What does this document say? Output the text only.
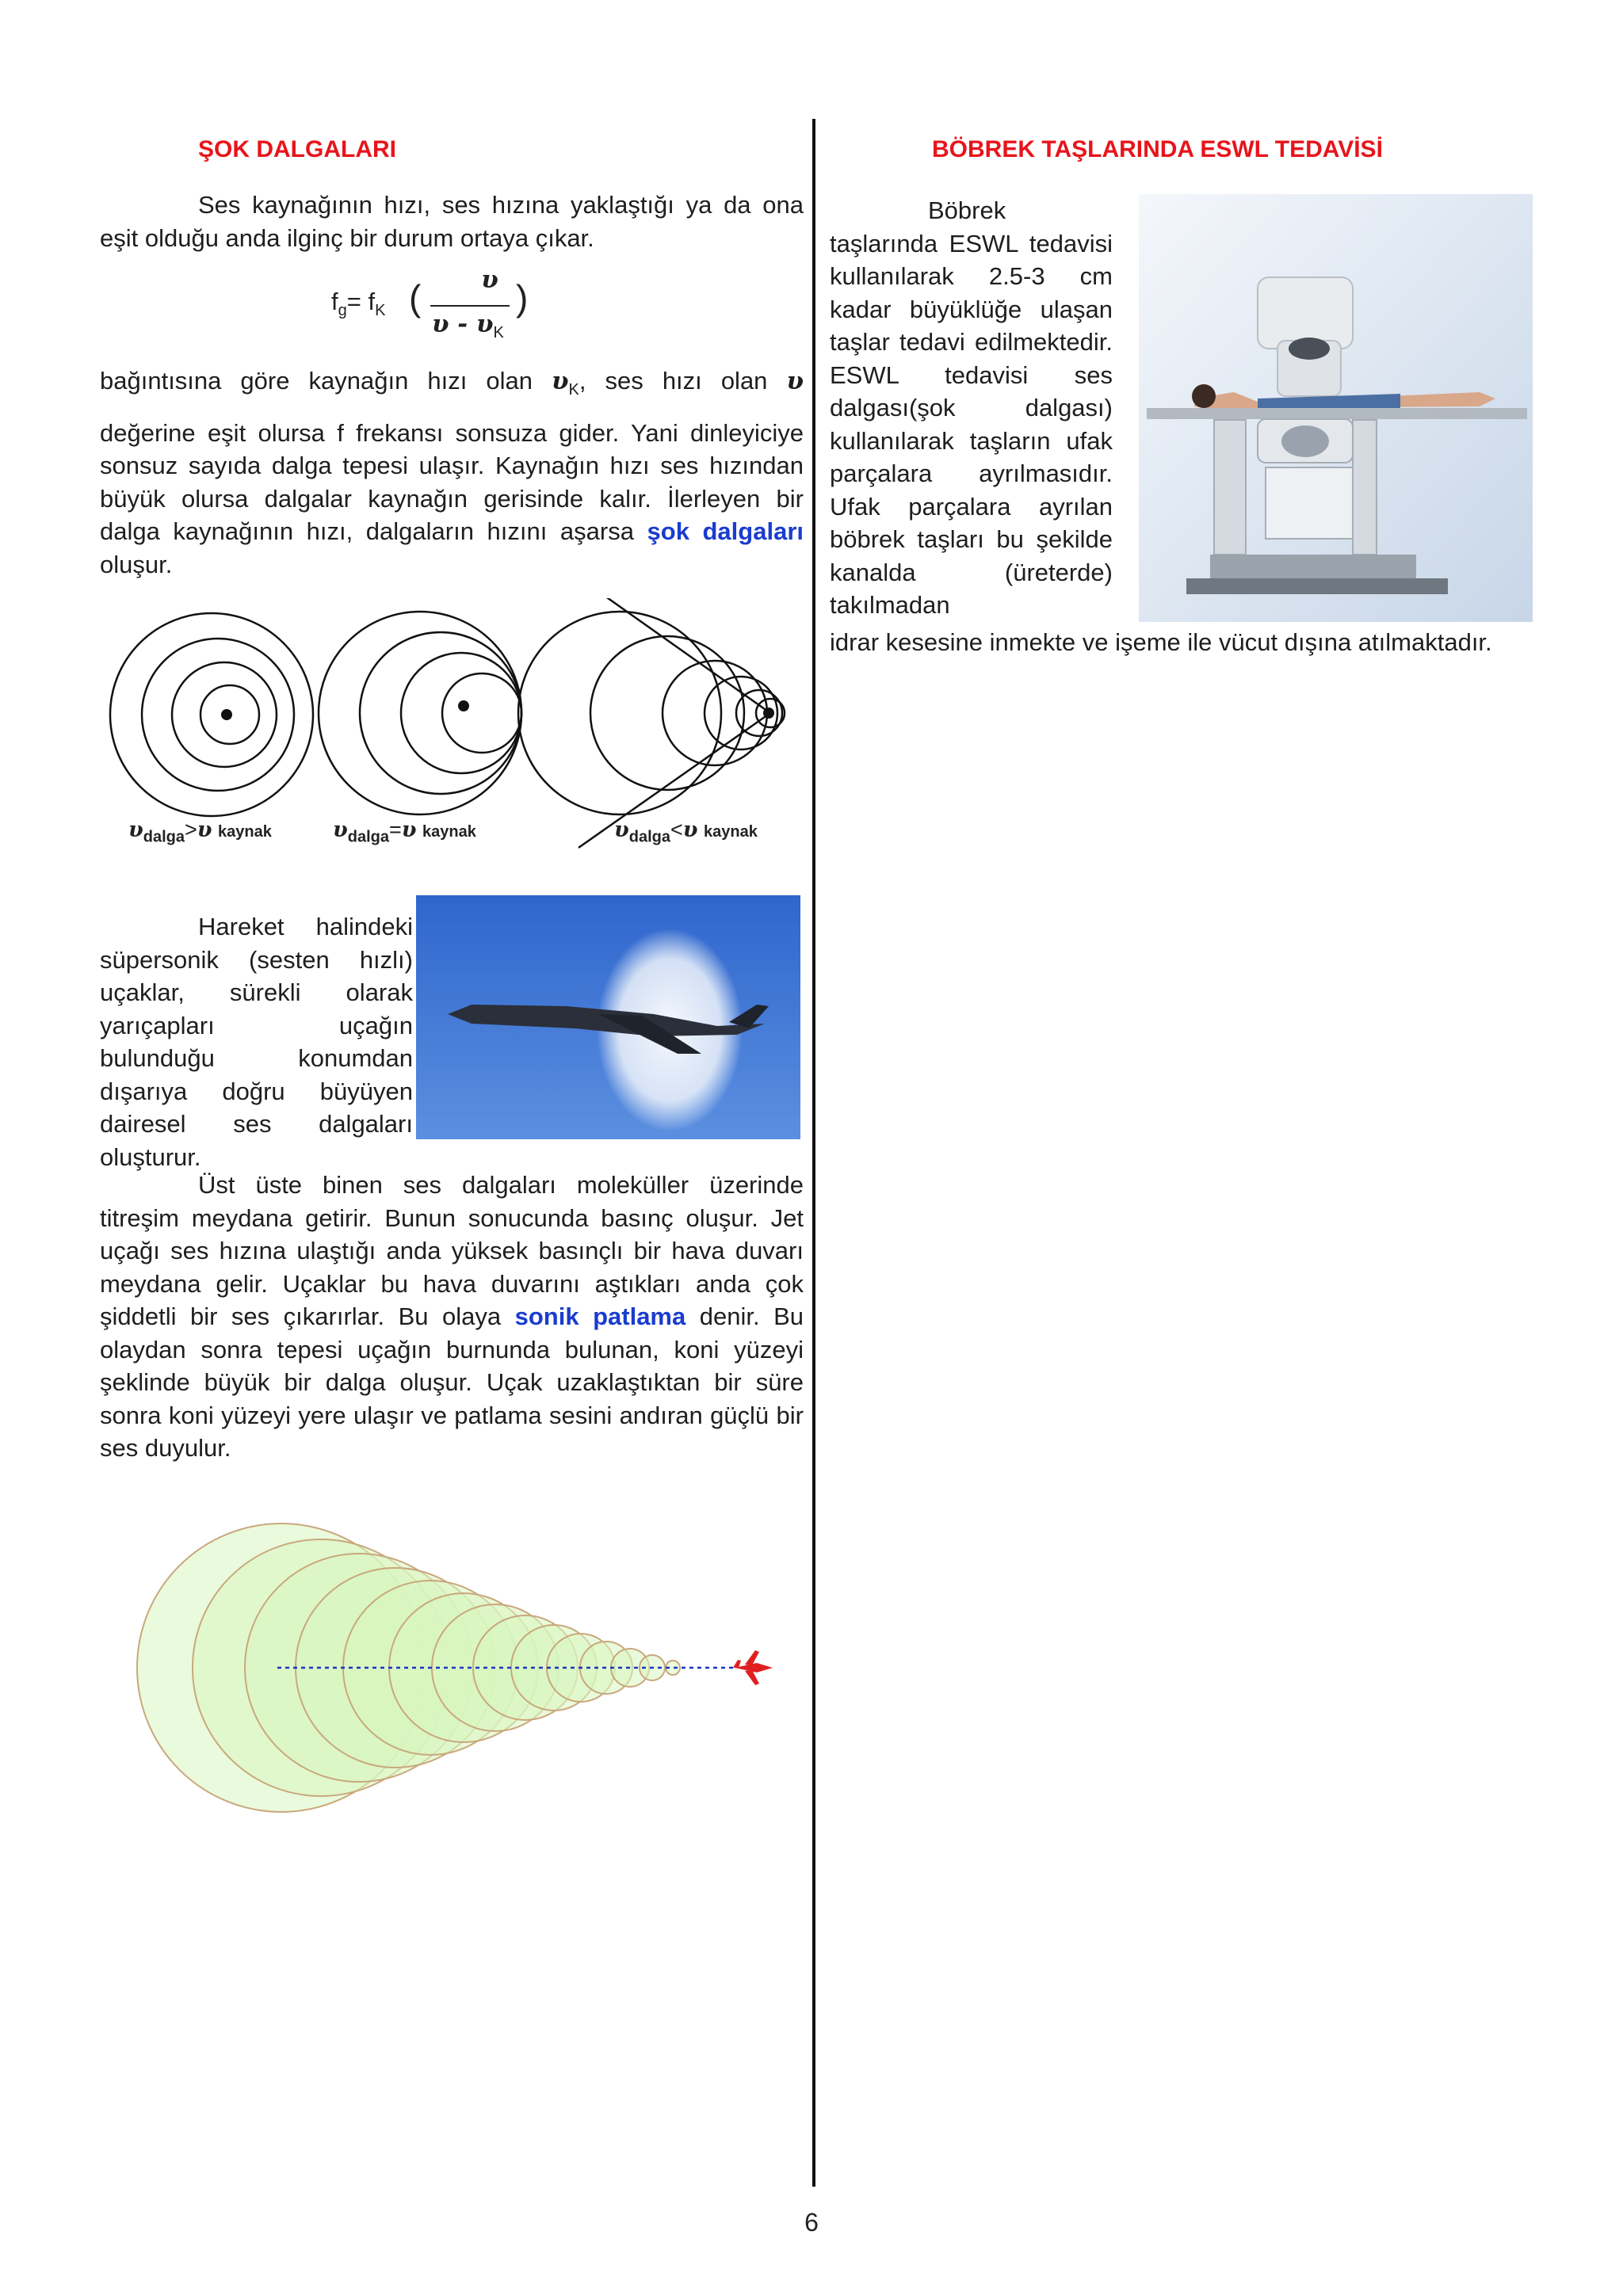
ŞOK DALGALARI

Ses kaynağının hızı, ses hızına yaklaştığı ya da ona eşit olduğu anda ilginç bir durum ortaya çıkar.

$f_g= f_K$ (	υ
υ - $\upsilon_K$
)

bağıntısına göre kaynağın hızı olan $\upsilon_K$, ses hızı olan υ

değerine eşit olursa f frekansı sonsuza gider. Yani dinleyiciye sonsuz sayıda dalga tepesi ulaşır. Kaynağın hızı ses hızından büyük olursa dalgalar kaynağın gerisinde kalır. İlerleyen bir dalga kaynağının hızı, dalgaların hızını aşarsa şok dalgaları oluşur.

$\upsilon_{dalga}>\upsilon$ kaynak	$\upsilon_{dalga}=\upsilon$ kaynak	$\upsilon_{dalga}<\upsilon$ kaynak

Hareket halindeki süpersonik (sesten hızlı) uçaklar, sürekli olarak yarıçapları uçağın bulunduğu konumdan dışarıya doğru büyüyen dairesel ses dalgaları oluşturur.

Üst üste binen ses dalgaları moleküller üzerinde titreşim meydana getirir. Bunun sonucunda basınç oluşur. Jet uçağı ses hızına ulaştığı anda yüksek basınçlı bir hava duvarı meydana gelir. Uçaklar bu hava duvarını aştıkları anda çok şiddetli bir ses çıkarırlar. Bu olaya sonik patlama denir. Bu olaydan sonra tepesi uçağın burnunda bulunan, koni yüzeyi şeklinde büyük bir dalga oluşur. Uçak uzaklaştıktan bir süre sonra koni yüzeyi yere ulaşır ve patlama sesini andıran güçlü bir ses duyulur.

BÖBREK TAŞLARINDA ESWL TEDAVİSİ

Böbrek taşlarında ESWL tedavisi kullanılarak 2.5-3 cm kadar büyüklüğe ulaşan taşlar tedavi edilmektedir. ESWL tedavisi ses dalgası(şok dalgası) kullanılarak taşların ufak parçalara ayrılmasıdır. Ufak parçalara ayrılan böbrek taşları bu şekilde kanalda (üreterde) takılmadan

idrar kesesine inmekte ve işeme ile vücut dışına atılmaktadır.

6
